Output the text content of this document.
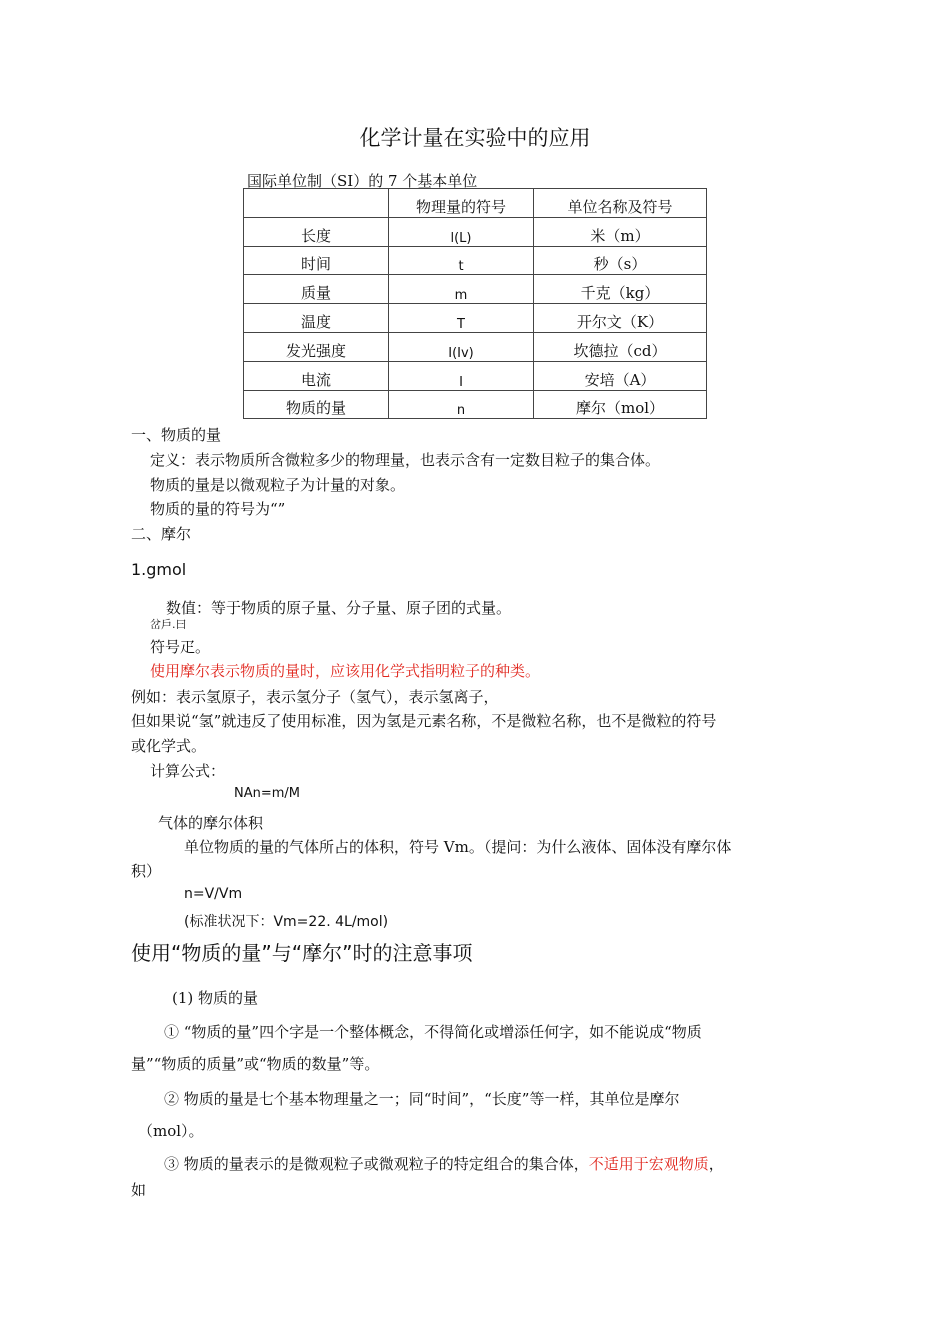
化学计量在实验中的应用
国际单位制（SI）的 7 个基本单位
	物理量的符号	单位名称及符号
长度	l(L)	米（m）
时间	t	秒（s）
质量	m	千克（kg）
温度	T	开尔文（K）
发光强度	I(Iv)	坎德拉（cd）
电流	I	安培（A）
物质的量	n	摩尔（mol）
一、物质的量
定义：表示物质所含微粒多少的物理量，也表示含有一定数目粒子的集合体。
物质的量是以微观粒子为计量的对象。
物质的量的符号为“”
二、摩尔
1.gmol
数值：等于物质的原子量、分子量、原子团的式量。
岔戶.曰
符号疋。
使用摩尔表示物质的量时，应该用化学式指明粒子的种类。
例如：表示氢原子，表示氢分子（氢气），表示氢离子，
但如果说“氢”就违反了使用标准，因为氢是元素名称，不是微粒名称，也不是微粒的符号
或化学式。
计算公式：
NAn=m/M
气体的摩尔体积
单位物质的量的气体所占的体积，符号 Vm。（提问：为什么液体、固体没有摩尔体
积）
n=V/Vm
(标准状况下：Vm=22. 4L/mol)
使用“物质的量”与“摩尔”时的注意事项
(1) 物质的量
① “物质的量”四个字是一个整体概念，不得简化或增添任何字，如不能说成“物质
量”“物质的质量”或“物质的数量”等。
② 物质的量是七个基本物理量之一；同“时间”，“长度”等一样，其单位是摩尔
（mol）。
③ 物质的量表示的是微观粒子或微观粒子的特定组合的集合体，不适用于宏观物质，
如
